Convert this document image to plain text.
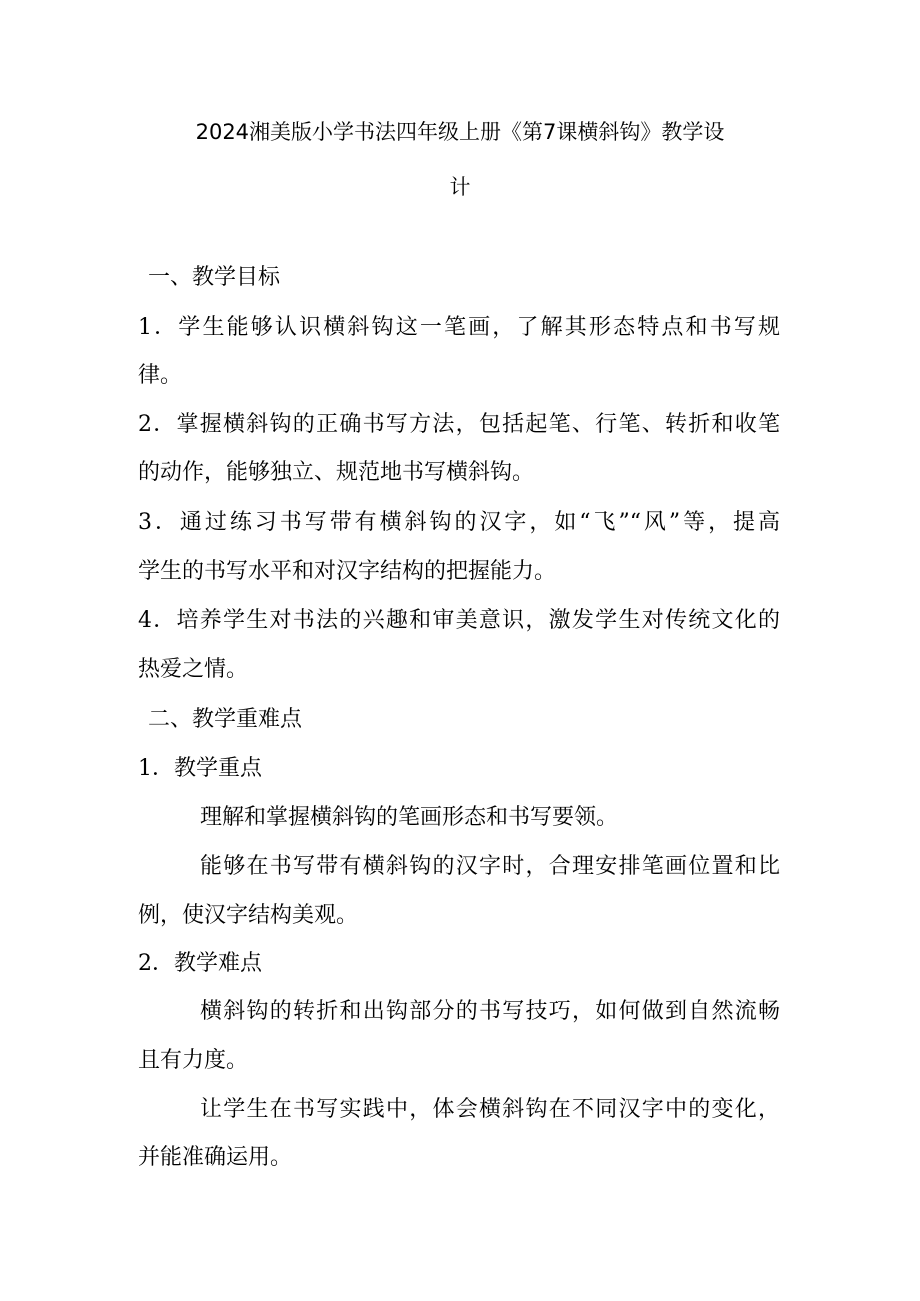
2024湘美版小学书法四年级上册《第7课横斜钩》教学设
计
一、教学目标
1．学生能够认识横斜钩这一笔画，了解其形态特点和书写规
律。
2．掌握横斜钩的正确书写方法，包括起笔、行笔、转折和收笔
的动作，能够独立、规范地书写横斜钩。
3．通过练习书写带有横斜钩的汉字，如“飞”“风”等，提高
学生的书写水平和对汉字结构的把握能力。
4．培养学生对书法的兴趣和审美意识，激发学生对传统文化的
热爱之情。
二、教学重难点
1．教学重点
理解和掌握横斜钩的笔画形态和书写要领。
能够在书写带有横斜钩的汉字时，合理安排笔画位置和比
例，使汉字结构美观。
2．教学难点
横斜钩的转折和出钩部分的书写技巧，如何做到自然流畅
且有力度。
让学生在书写实践中，体会横斜钩在不同汉字中的变化，
并能准确运用。
